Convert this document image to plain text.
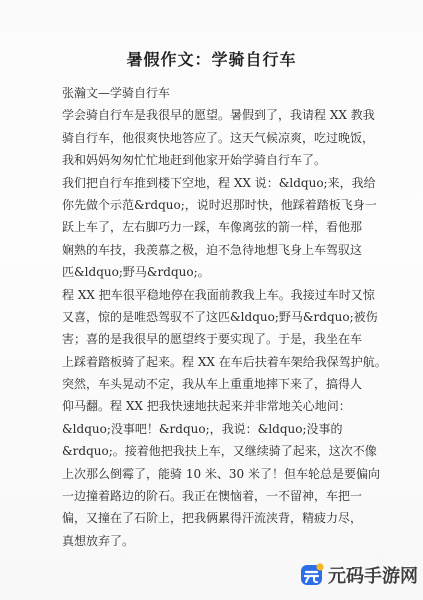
暑假作文：学骑自行车
张瀚文—学骑自行车
学会骑自行车是我很早的愿望。暑假到了，我请程 XX 教我
骑自行车，他很爽快地答应了。这天气候凉爽，吃过晚饭，
我和妈妈匆匆忙忙地赶到他家开始学骑自行车了。
我们把自行车推到楼下空地，程 XX 说：&ldquo;来，我给
你先做个示范&rdquo;，说时迟那时快，他踩着踏板飞身一
跃上车了，左右脚巧力一踩，车像离弦的箭一样，看他那
娴熟的车技，我羡慕之极，迫不急待地想飞身上车驾驭这
匹&ldquo;野马&rdquo;。
程 XX 把车很平稳地停在我面前教我上车。我接过车时又惊
又喜，惊的是唯恐驾驭不了这匹&ldquo;野马&rdquo;被伤
害；喜的是我很早的愿望终于要实现了。于是，我坐在车
上踩着踏板骑了起来。程 XX 在车后扶着车架给我保驾护航。
突然，车头晃动不定，我从车上重重地摔下来了，搞得人
仰马翻。程 XX 把我快速地扶起来并非常地关心地问：
&ldquo;没事吧！&rdquo;，我说：&ldquo;没事的
&rdquo;。接着他把我扶上车，又继续骑了起来，这次不像
上次那么倒霉了，能骑 10 米、30 米了！但车轮总是要偏向
一边撞着路边的阶石。我正在懊恼着，一不留神，车把一
偏，又撞在了石阶上，把我俩累得汗流浃背，精疲力尽，
真想放弃了。
元码手游网
